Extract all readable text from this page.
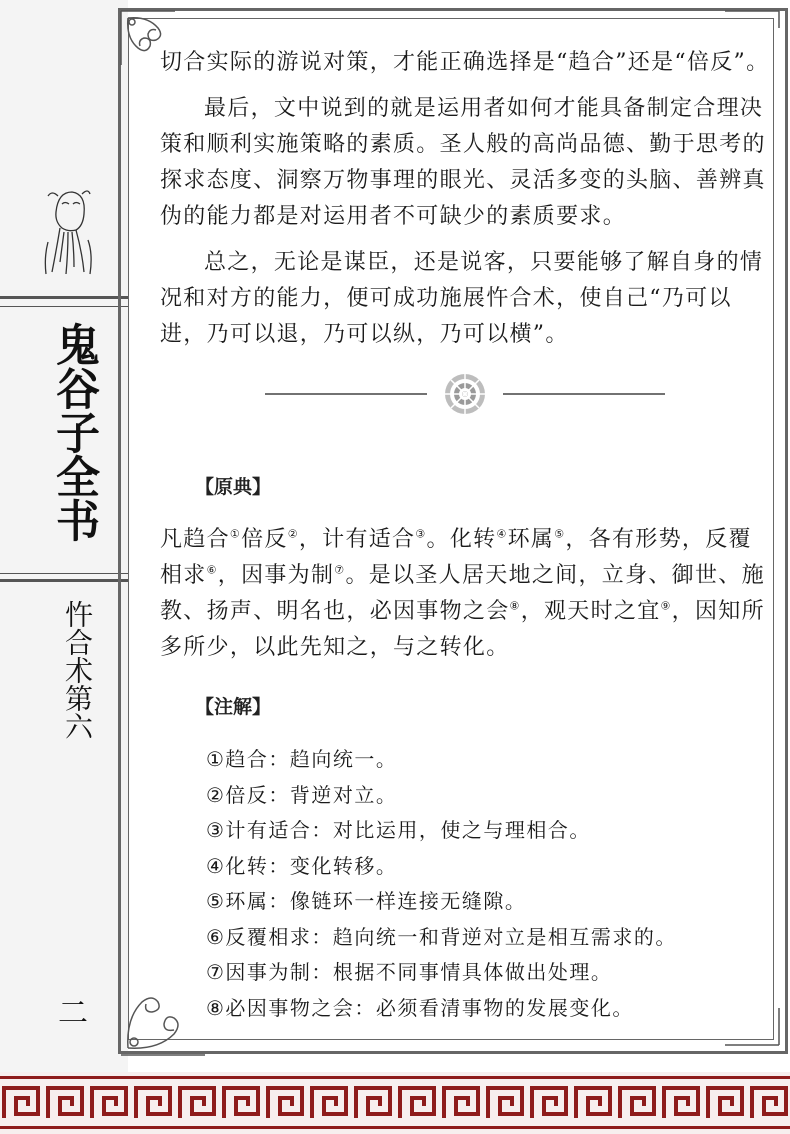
鬼谷子全书
忤合术第六
二

切合实际的游说对策，才能正确选择是“趋合”还是“倍反”。

最后，文中说到的就是运用者如何才能具备制定合理决策和顺利实施策略的素质。圣人般的高尚品德、勤于思考的探求态度、洞察万物事理的眼光、灵活多变的头脑、善辨真伪的能力都是对运用者不可缺少的素质要求。

总之，无论是谋臣，还是说客，只要能够了解自身的情况和对方的能力，便可成功施展忤合术，使自己“乃可以进，乃可以退，乃可以纵，乃可以横”。

【原典】

凡趋合①倍反②，计有适合③。化转④环属⑤，各有形势，反覆相求⑥，因事为制⑦。是以圣人居天地之间，立身、御世、施教、扬声、明名也，必因事物之会⑧，观天时之宜⑨，因知所多所少，以此先知之，与之转化。

【注解】

①趋合：趋向统一。

②倍反：背逆对立。

③计有适合：对比运用，使之与理相合。

④化转：变化转移。

⑤环属：像链环一样连接无缝隙。

⑥反覆相求：趋向统一和背逆对立是相互需求的。

⑦因事为制：根据不同事情具体做出处理。

⑧必因事物之会：必须看清事物的发展变化。
